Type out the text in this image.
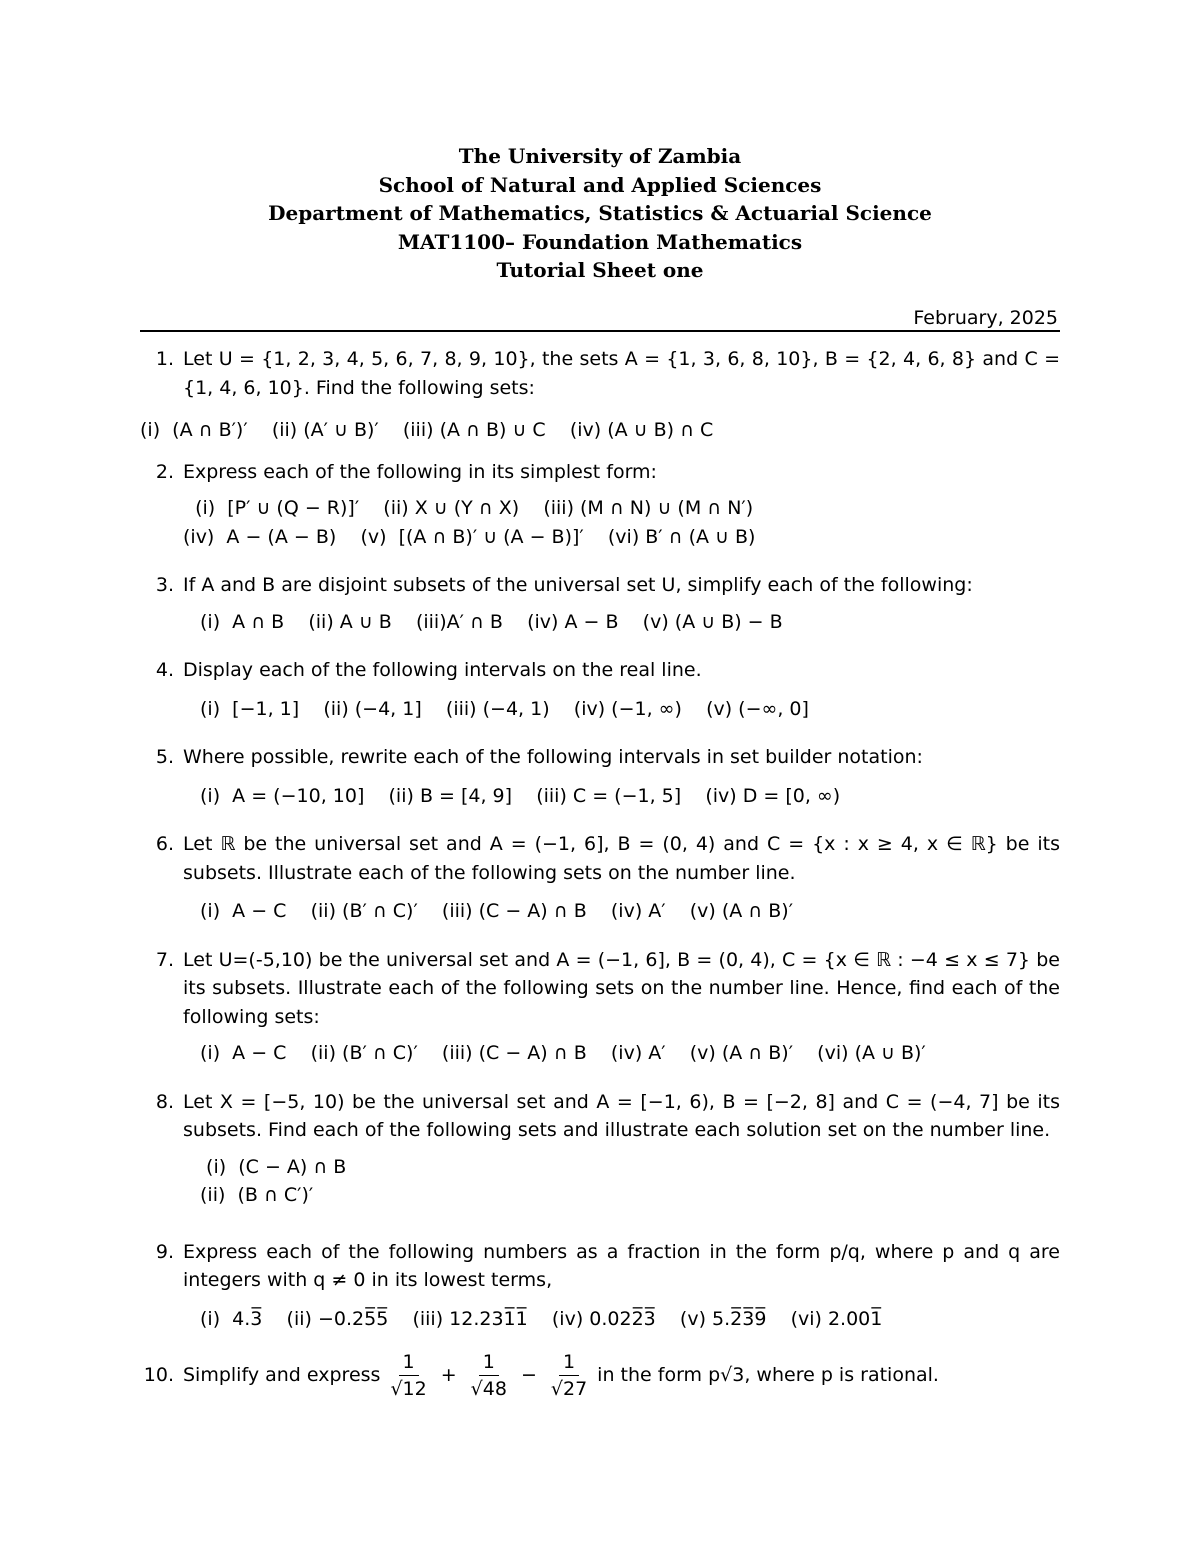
The University of Zambia
School of Natural and Applied Sciences
Department of Mathematics, Statistics & Actuarial Science
MAT1100– Foundation Mathematics
Tutorial Sheet one
February, 2025
1. Let U = {1, 2, 3, 4, 5, 6, 7, 8, 9, 10}, the sets A = {1, 3, 6, 8, 10}, B = {2, 4, 6, 8} and C = {1, 4, 6, 10}. Find the following sets:
(i)  (A ∩ B′)′    (ii) (A′ ∪ B)′    (iii) (A ∩ B) ∪ C    (iv) (A ∪ B) ∩ C
2. Express each of the following in its simplest form:
(i)  [P′ ∪ (Q − R)]′    (ii) X ∪ (Y ∩ X)    (iii) (M ∩ N) ∪ (M ∩ N′)
(iv)  A − (A − B)    (v)  [(A ∩ B)′ ∪ (A − B)]′    (vi) B′ ∩ (A ∪ B)
3. If A and B are disjoint subsets of the universal set U, simplify each of the following:
(i)  A ∩ B    (ii) A ∪ B    (iii)A′ ∩ B    (iv) A − B    (v) (A ∪ B) − B
4. Display each of the following intervals on the real line.
(i)  [−1, 1]    (ii) (−4, 1]    (iii) (−4, 1)    (iv) (−1, ∞)    (v) (−∞, 0]
5. Where possible, rewrite each of the following intervals in set builder notation:
(i)  A = (−10, 10]    (ii) B = [4, 9]    (iii) C = (−1, 5]    (iv) D = [0, ∞)
6. Let ℝ be the universal set and A = (−1, 6], B = (0, 4) and C = {x : x ≥ 4, x ∈ ℝ} be its subsets. Illustrate each of the following sets on the number line.
(i)  A − C    (ii) (B′ ∩ C)′    (iii) (C − A) ∩ B    (iv) A′    (v) (A ∩ B)′
7. Let U=(-5,10) be the universal set and A = (−1, 6], B = (0, 4), C = {x ∈ ℝ : −4 ≤ x ≤ 7} be its subsets. Illustrate each of the following sets on the number line. Hence, find each of the following sets:
(i)  A − C    (ii) (B′ ∩ C)′    (iii) (C − A) ∩ B    (iv) A′    (v) (A ∩ B)′    (vi) (A ∪ B)′
8. Let X = [−5, 10) be the universal set and A = [−1, 6), B = [−2, 8] and C = (−4, 7] be its subsets. Find each of the following sets and illustrate each solution set on the number line.
(i)  (C − A) ∩ B
(ii)  (B ∩ C′)′
9. Express each of the following numbers as a fraction in the form p/q, where p and q are integers with q ≠ 0 in its lowest terms,
(i)  4.3̅    (ii) −0.25̅5̅    (iii) 12.231̅1̅    (iv) 0.022̅3̅    (v) 5.2̅3̅9̅    (vi) 2.001̅
10. Simplify and express $\frac{1}{√12} + \frac{1}{√48} - \frac{1}{√27}$ in the form p√3, where p is rational.
